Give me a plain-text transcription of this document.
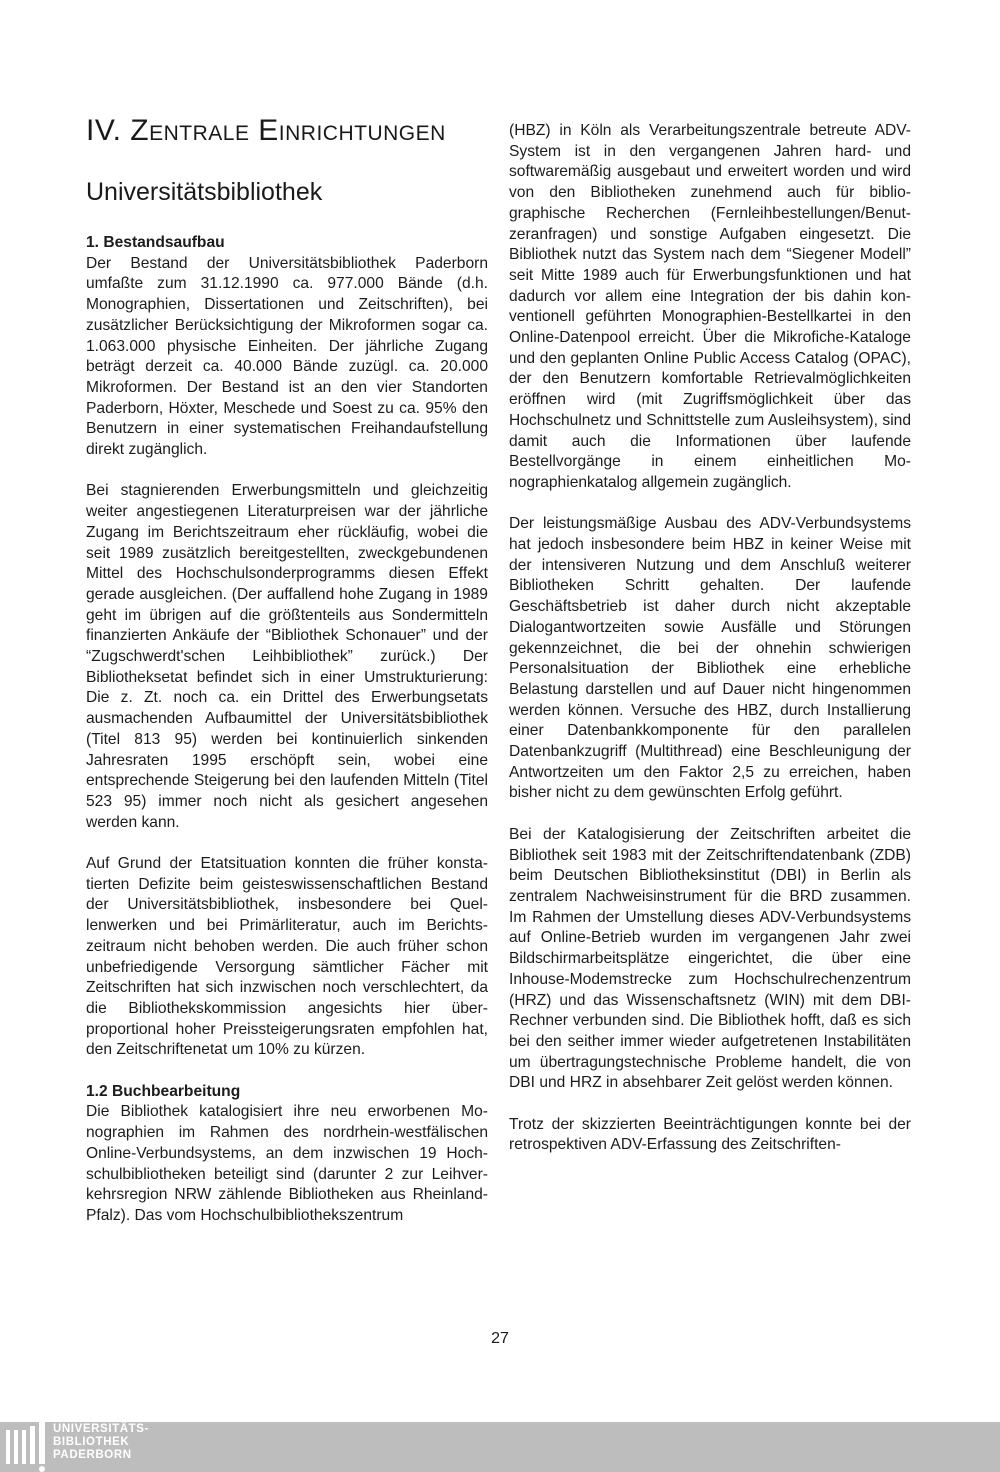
IV. Zentrale Einrichtungen
Universitätsbibliothek
1. Bestandsaufbau

Der Bestand der Universitätsbibliothek Paderborn umfaßte zum 31.12.1990 ca. 977.000 Bände (d.h. Monographien, Dissertationen und Zeitschriften), bei zusätzlicher Berücksichtigung der Mikroformen sogar ca. 1.063.000 physische Einheiten. Der jährliche Zugang beträgt derzeit ca. 40.000 Bände zuzügl. ca. 20.000 Mikroformen. Der Bestand ist an den vier Standorten Paderborn, Höxter, Meschede und Soest zu ca. 95% den Benutzern in einer systematischen Freihandaufstellung direkt zugänglich.

Bei stagnierenden Erwerbungsmitteln und gleichzeitig weiter angestiegenen Literaturpreisen war der jährliche Zugang im Berichtszeitraum eher rückläufig, wobei die seit 1989 zusätzlich bereitgestellten, zweckgebundenen Mittel des Hochschulsonderprogramms diesen Effekt gerade ausgleichen. (Der auffallend hohe Zugang in 1989 geht im übrigen auf die größtenteils aus Sondermitteln finanzierten Ankäufe der “Bibliothek Schonauer” und der “Zugschwerdt'schen Leihbibliothek” zurück.) Der Bibliotheksetat befindet sich in einer Umstrukturierung: Die z. Zt. noch ca. ein Drittel des Erwerbungsetats ausmachenden Aufbaumittel der Universitätsbibliothek (Titel 813 95) werden bei kontinuierlich sinkenden Jahresraten 1995 erschöpft sein, wobei eine entsprechende Steigerung bei den laufenden Mitteln (Titel 523 95) immer noch nicht als gesichert angesehen werden kann.

Auf Grund der Etatsituation konnten die früher konstatierten Defizite beim geisteswissenschaftlichen Bestand der Universitätsbibliothek, insbesondere bei Quellenwerken und bei Primärliteratur, auch im Berichtszeitraum nicht behoben werden. Die auch früher schon unbefriedigende Versorgung sämtlicher Fächer mit Zeitschriften hat sich inzwischen noch verschlechtert, da die Bibliothekskommission angesichts hier überproportional hoher Preissteigerungsraten empfohlen hat, den Zeitschriftenetat um 10% zu kürzen.

1.2 Buchbearbeitung

Die Bibliothek katalogisiert ihre neu erworbenen Monographien im Rahmen des nordrhein-westfälischen Online-Verbundsystems, an dem inzwischen 19 Hochschulbibliotheken beteiligt sind (darunter 2 zur Leihverkehrsregion NRW zählende Bibliotheken aus Rheinland-Pfalz). Das vom Hochschulbibliothekszentrum

(HBZ) in Köln als Verarbeitungszentrale betreute ADV-System ist in den vergangenen Jahren hard- und softwaremäßig ausgebaut und erweitert worden und wird von den Bibliotheken zunehmend auch für bibliographische Recherchen (Fernleihbestellungen/Benutzeranfragen) und sonstige Aufgaben eingesetzt. Die Bibliothek nutzt das System nach dem “Siegener Modell” seit Mitte 1989 auch für Erwerbungsfunktionen und hat dadurch vor allem eine Integration der bis dahin konventionell geführten Monographien-Bestellkartei in den Online-Datenpool erreicht. Über die Mikrofiche-Kataloge und den geplanten Online Public Access Catalog (OPAC), der den Benutzern komfortable Retrievalmöglichkeiten eröffnen wird (mit Zugriffsmöglichkeit über das Hochschulnetz und Schnittstelle zum Ausleihsystem), sind damit auch die Informationen über laufende Bestellvorgänge in einem einheitlichen Monographienkatalog allgemein zugänglich.

Der leistungsmäßige Ausbau des ADV-Verbundsystems hat jedoch insbesondere beim HBZ in keiner Weise mit der intensiveren Nutzung und dem Anschluß weiterer Bibliotheken Schritt gehalten. Der laufende Geschäftsbetrieb ist daher durch nicht akzeptable Dialogantwortzeiten sowie Ausfälle und Störungen gekennzeichnet, die bei der ohnehin schwierigen Personalsituation der Bibliothek eine erhebliche Belastung darstellen und auf Dauer nicht hingenommen werden können. Versuche des HBZ, durch Installierung einer Datenbankkomponente für den parallelen Datenbankzugriff (Multithread) eine Beschleunigung der Antwortzeiten um den Faktor 2,5 zu erreichen, haben bisher nicht zu dem gewünschten Erfolg geführt.

Bei der Katalogisierung der Zeitschriften arbeitet die Bibliothek seit 1983 mit der Zeitschriftendatenbank (ZDB) beim Deutschen Bibliotheksinstitut (DBI) in Berlin als zentralem Nachweisinstrument für die BRD zusammen. Im Rahmen der Umstellung dieses ADV-Verbundsystems auf Online-Betrieb wurden im vergangenen Jahr zwei Bildschirmarbeitsplätze eingerichtet, die über eine Inhouse-Modemstrecke zum Hochschulrechenzentrum (HRZ) und das Wissenschaftsnetz (WIN) mit dem DBI-Rechner verbunden sind. Die Bibliothek hofft, daß es sich bei den seither immer wieder aufgetretenen Instabilitäten um übertragungstechnische Probleme handelt, die von DBI und HRZ in absehbarer Zeit gelöst werden können.

Trotz der skizzierten Beeinträchtigungen konnte bei der retrospektiven ADV-Erfassung des Zeitschriften-

27
UNIVERSITÄTS-
BIBLIOTHEK
PADERBORN
